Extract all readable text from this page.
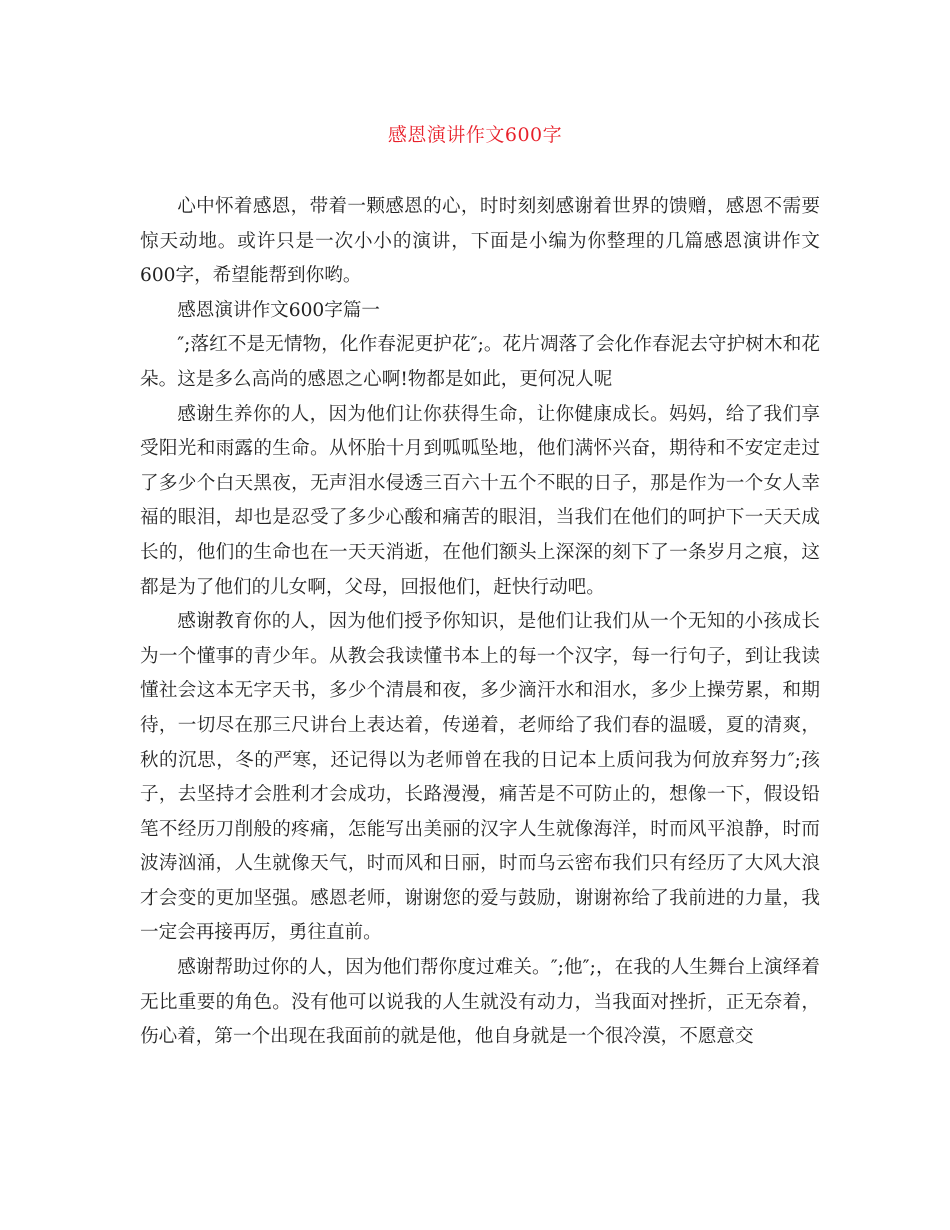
感恩演讲作文600字

心中怀着感恩，带着一颗感恩的心，时时刻刻感谢着世界的馈赠，感恩不需要惊天动地。或许只是一次小小的演讲，下面是小编为你整理的几篇感恩演讲作文600字，希望能帮到你哟。

感恩演讲作文600字篇一

″;落红不是无情物，化作春泥更护花″;。花片凋落了会化作春泥去守护树木和花朵。这是多么高尚的感恩之心啊!物都是如此，更何况人呢

感谢生养你的人，因为他们让你获得生命，让你健康成长。妈妈，给了我们享受阳光和雨露的生命。从怀胎十月到呱呱坠地，他们满怀兴奋，期待和不安定走过了多少个白天黑夜，无声泪水侵透三百六十五个不眠的日子，那是作为一个女人幸福的眼泪，却也是忍受了多少心酸和痛苦的眼泪，当我们在他们的呵护下一天天成长的，他们的生命也在一天天消逝，在他们额头上深深的刻下了一条岁月之痕，这都是为了他们的儿女啊，父母，回报他们，赶快行动吧。

感谢教育你的人，因为他们授予你知识，是他们让我们从一个无知的小孩成长为一个懂事的青少年。从教会我读懂书本上的每一个汉字，每一行句子，到让我读懂社会这本无字天书，多少个清晨和夜，多少滴汗水和泪水，多少上操劳累，和期待，一切尽在那三尺讲台上表达着，传递着，老师给了我们春的温暖，夏的清爽，秋的沉思，冬的严寒，还记得以为老师曾在我的日记本上质问我为何放弃努力″;孩子，去坚持才会胜利才会成功，长路漫漫，痛苦是不可防止的，想像一下，假设铅笔不经历刀削般的疼痛，怎能写出美丽的汉字人生就像海洋，时而风平浪静，时而波涛汹涌，人生就像天气，时而风和日丽，时而乌云密布我们只有经历了大风大浪才会变的更加坚强。感恩老师，谢谢您的爱与鼓励，谢谢祢给了我前进的力量，我一定会再接再厉，勇往直前。

感谢帮助过你的人，因为他们帮你度过难关。″;他″;，在我的人生舞台上演绎着无比重要的角色。没有他可以说我的人生就没有动力，当我面对挫折，正无奈着，伤心着，第一个出现在我面前的就是他，他自身就是一个很冷漠，不愿意交
